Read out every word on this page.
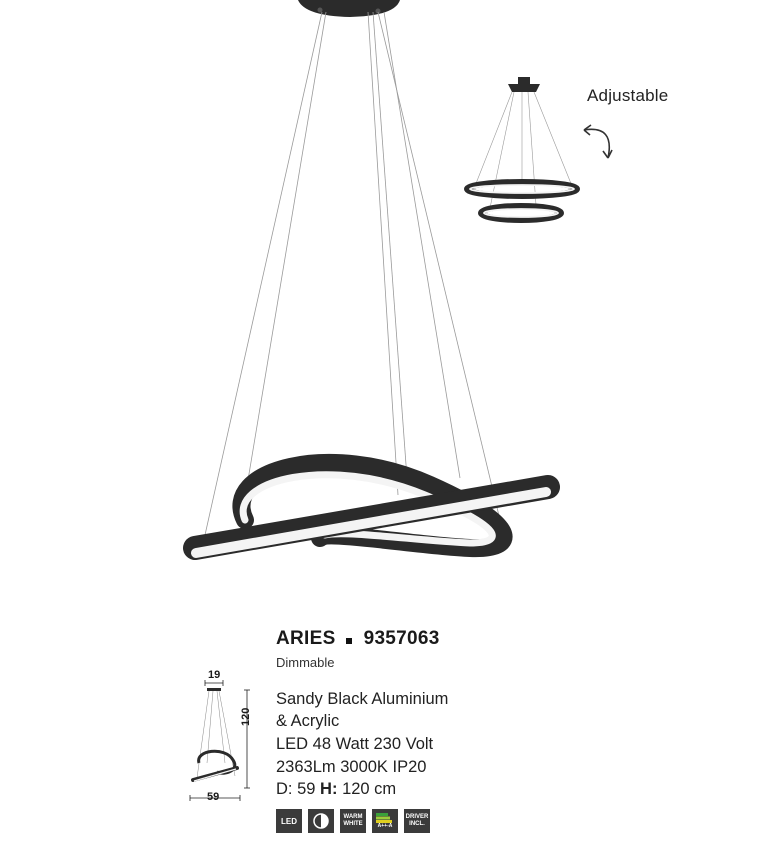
Adjustable
ARIES 9357063
Dimmable
Sandy Black Aluminium
& Acrylic
LED 48 Watt 230 Volt
2363Lm 3000K IP20
D: 59 H: 120 cm
19
120
59
LED	WARM WHITE	A++-A
DRIVER INCL.
